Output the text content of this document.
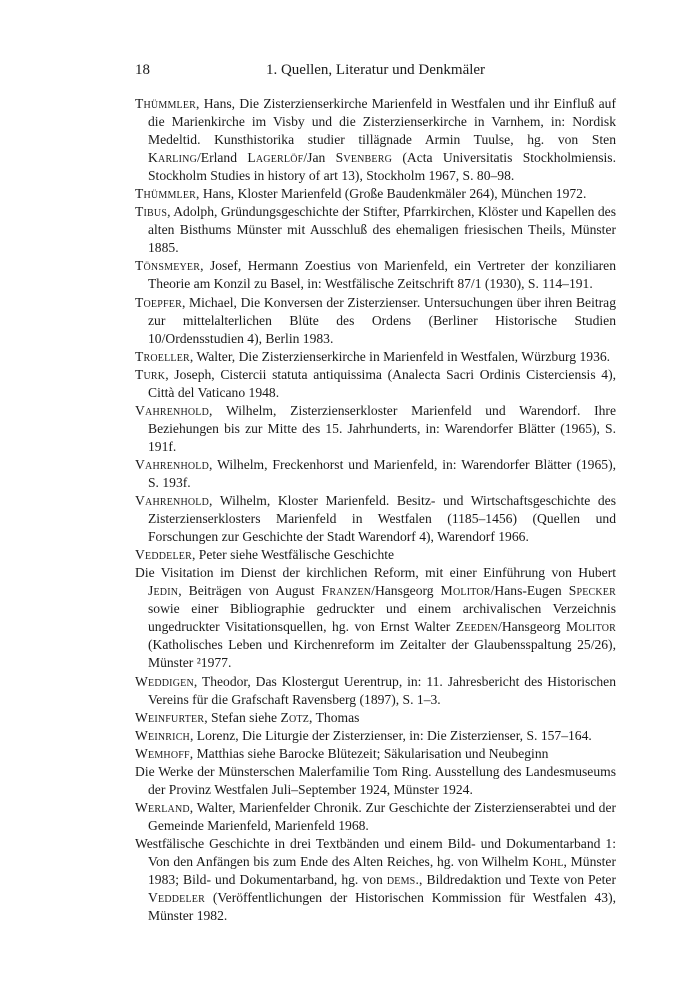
18	1. Quellen, Literatur und Denkmäler

Thümmler, Hans, Die Zisterzienserkirche Marienfeld in Westfalen und ihr Einfluß auf die Marienkirche im Visby und die Zisterzienserkirche in Varnhem, in: Nordisk Medeltid. Kunsthistorika studier tillägnade Armin Tuulse, hg. von Sten Karling/Erland Lagerlöf/Jan Svenberg (Acta Universitatis Stockholmiensis. Stockholm Studies in history of art 13), Stockholm 1967, S. 80–98.

Thümmler, Hans, Kloster Marienfeld (Große Baudenkmäler 264), München 1972.

Tibus, Adolph, Gründungsgeschichte der Stifter, Pfarrkirchen, Klöster und Kapellen des alten Bisthums Münster mit Ausschluß des ehemaligen friesischen Theils, Münster 1885.

Tönsmeyer, Josef, Hermann Zoestius von Marienfeld, ein Vertreter der konziliaren Theorie am Konzil zu Basel, in: Westfälische Zeitschrift 87/1 (1930), S. 114–191.

Toepfer, Michael, Die Konversen der Zisterzienser. Untersuchungen über ihren Beitrag zur mittelalterlichen Blüte des Ordens (Berliner Historische Studien 10/Ordensstudien 4), Berlin 1983.

Troeller, Walter, Die Zisterzienserkirche in Marienfeld in Westfalen, Würzburg 1936.

Turk, Joseph, Cistercii statuta antiquissima (Analecta Sacri Ordinis Cisterciensis 4), Città del Vaticano 1948.

Vahrenhold, Wilhelm, Zisterzienserkloster Marienfeld und Warendorf. Ihre Beziehungen bis zur Mitte des 15. Jahrhunderts, in: Warendorfer Blätter (1965), S. 191f.

Vahrenhold, Wilhelm, Freckenhorst und Marienfeld, in: Warendorfer Blätter (1965), S. 193f.

Vahrenhold, Wilhelm, Kloster Marienfeld. Besitz- und Wirtschaftsgeschichte des Zisterzienserklosters Marienfeld in Westfalen (1185–1456) (Quellen und Forschungen zur Geschichte der Stadt Warendorf 4), Warendorf 1966.

Veddeler, Peter siehe Westfälische Geschichte

Die Visitation im Dienst der kirchlichen Reform, mit einer Einführung von Hubert Jedin, Beiträgen von August Franzen/Hansgeorg Molitor/Hans-Eugen Specker sowie einer Bibliographie gedruckter und einem archivalischen Verzeichnis ungedruckter Visitationsquellen, hg. von Ernst Walter Zeeden/Hansgeorg Molitor (Katholisches Leben und Kirchenreform im Zeitalter der Glaubensspaltung 25/26), Münster ²1977.

Weddigen, Theodor, Das Klostergut Uerentrup, in: 11. Jahresbericht des Historischen Vereins für die Grafschaft Ravensberg (1897), S. 1–3.

Weinfurter, Stefan siehe Zotz, Thomas

Weinrich, Lorenz, Die Liturgie der Zisterzienser, in: Die Zisterzienser, S. 157–164.

Wemhoff, Matthias siehe Barocke Blütezeit; Säkularisation und Neubeginn

Die Werke der Münsterschen Malerfamilie Tom Ring. Ausstellung des Landesmuseums der Provinz Westfalen Juli–September 1924, Münster 1924.

Werland, Walter, Marienfelder Chronik. Zur Geschichte der Zisterzienserabtei und der Gemeinde Marienfeld, Marienfeld 1968.

Westfälische Geschichte in drei Textbänden und einem Bild- und Dokumentarband 1: Von den Anfängen bis zum Ende des Alten Reiches, hg. von Wilhelm Kohl, Münster 1983; Bild- und Dokumentarband, hg. von dems., Bildredaktion und Texte von Peter Veddeler (Veröffentlichungen der Historischen Kommission für Westfalen 43), Münster 1982.
